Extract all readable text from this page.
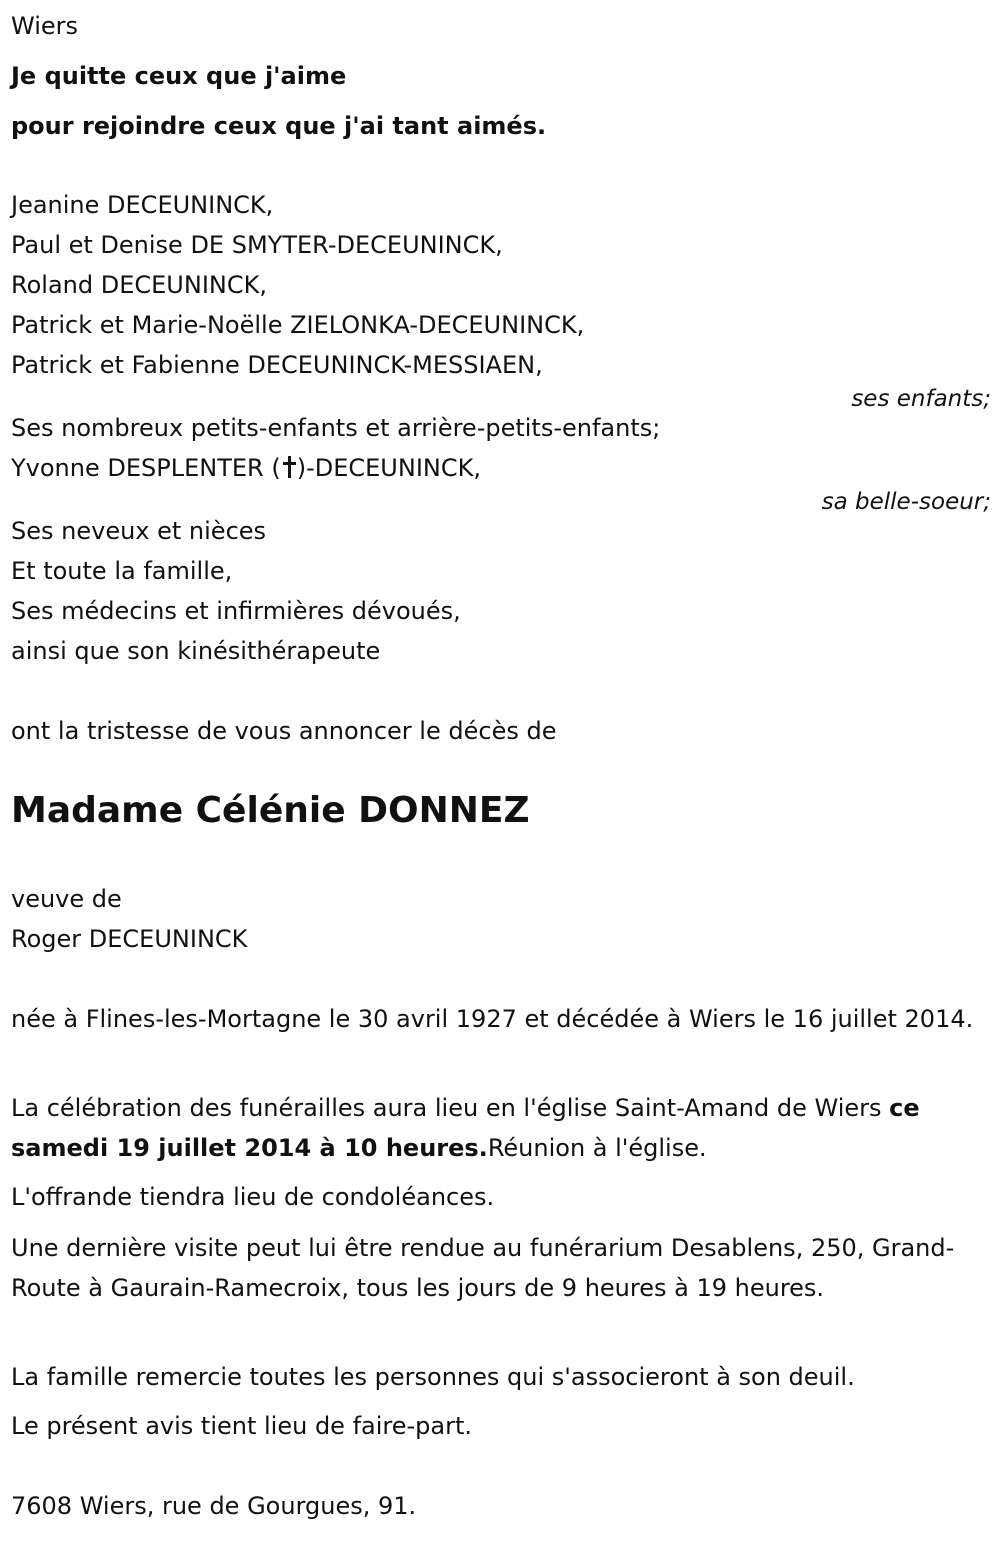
Wiers
Je quitte ceux que j'aime
pour rejoindre ceux que j'ai tant aimés.
Jeanine DECEUNINCK,
Paul et Denise DE SMYTER-DECEUNINCK,
Roland DECEUNINCK,
Patrick et Marie-Noëlle ZIELONKA-DECEUNINCK,
Patrick et Fabienne DECEUNINCK-MESSIAEN,
ses enfants;
Ses nombreux petits-enfants et arrière-petits-enfants;
Yvonne DESPLENTER ( )-DECEUNINCK,
sa belle-soeur;
Ses neveux et nièces
Et toute la famille,
Ses médecins et infirmières dévoués,
ainsi que son kinésithérapeute
ont la tristesse de vous annoncer le décès de
Madame Célénie DONNEZ
veuve de
Roger DECEUNINCK
née à Flines-les-Mortagne le 30 avril 1927 et décédée à Wiers le 16 juillet 2014.
La célébration des funérailles aura lieu en l'église Saint-Amand de Wiers ce samedi 19 juillet 2014 à 10 heures.Réunion à l'église.
L'offrande tiendra lieu de condoléances.
Une dernière visite peut lui être rendue au funérarium Desablens, 250, Grand-Route à Gaurain-Ramecroix, tous les jours de 9 heures à 19 heures.
La famille remercie toutes les personnes qui s'associeront à son deuil.
Le présent avis tient lieu de faire-part.
7608 Wiers, rue de Gourgues, 91.
